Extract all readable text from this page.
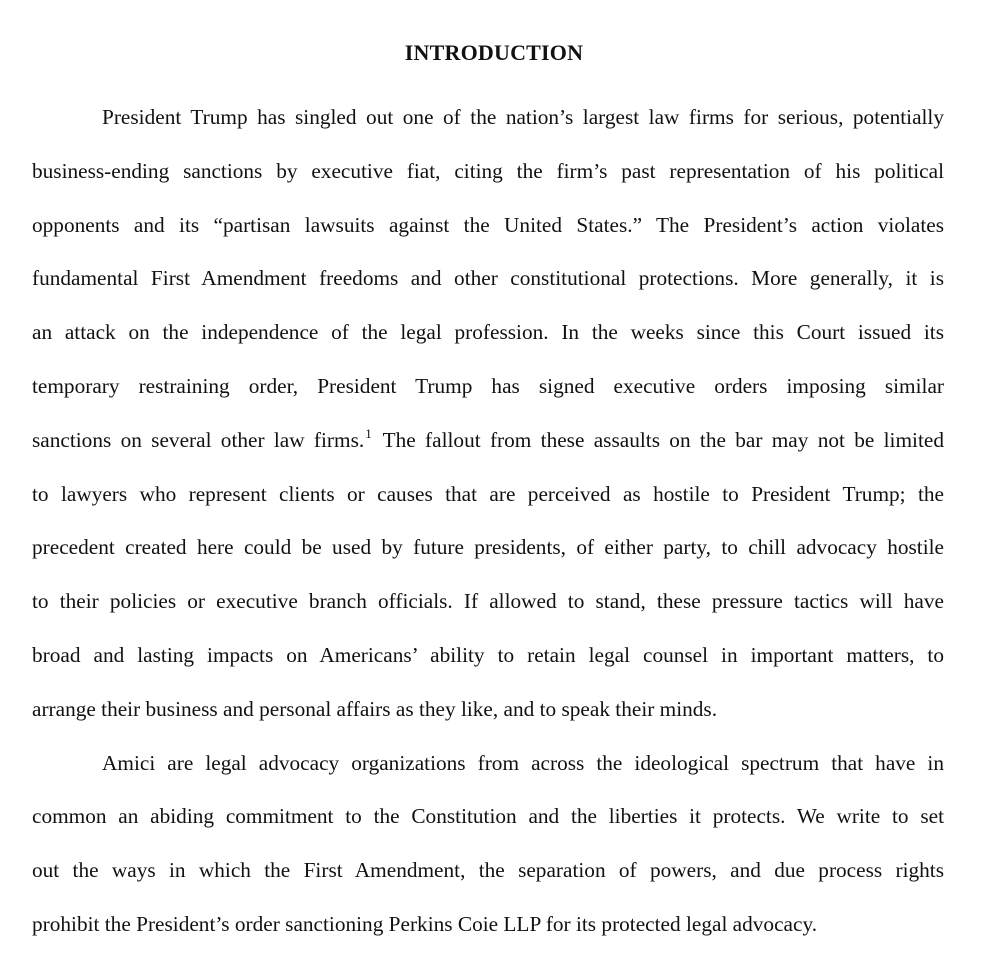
INTRODUCTION

President Trump has singled out one of the nation’s largest law firms for serious, potentially
business-ending sanctions by executive fiat, citing the firm’s past representation of his political
opponents and its “partisan lawsuits against the United States.” The President’s action violates
fundamental First Amendment freedoms and other constitutional protections. More generally, it is
an attack on the independence of the legal profession. In the weeks since this Court issued its
temporary restraining order, President Trump has signed executive orders imposing similar
sanctions on several other law firms.$^1$ The fallout from these assaults on the bar may not be limited
to lawyers who represent clients or causes that are perceived as hostile to President Trump; the
precedent created here could be used by future presidents, of either party, to chill advocacy hostile
to their policies or executive branch officials. If allowed to stand, these pressure tactics will have
broad and lasting impacts on Americans’ ability to retain legal counsel in important matters, to
arrange their business and personal affairs as they like, and to speak their minds.

Amici are legal advocacy organizations from across the ideological spectrum that have in
common an abiding commitment to the Constitution and the liberties it protects. We write to set
out the ways in which the First Amendment, the separation of powers, and due process rights
prohibit the President’s order sanctioning Perkins Coie LLP for its protected legal advocacy.
